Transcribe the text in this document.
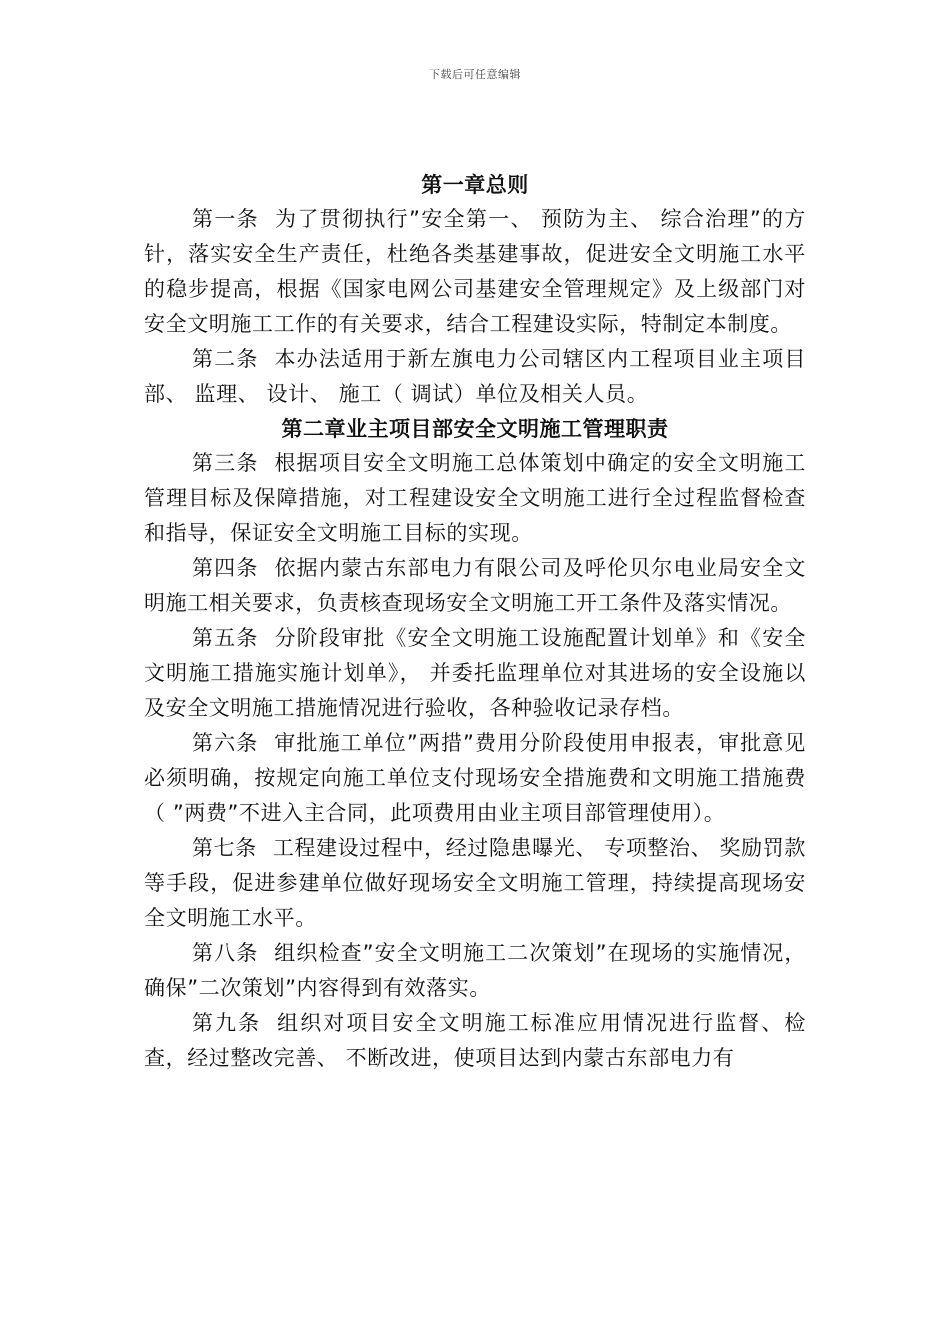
下载后可任意编辑
第一章总则

第一条 为了贯彻执行”安全第一、 预防为主、 综合治理”的方针，落实安全生产责任，杜绝各类基建事故，促进安全文明施工水平的稳步提高，根据《国家电网公司基建安全管理规定》及上级部门对安全文明施工工作的有关要求，结合工程建设实际，特制定本制度。

第二条 本办法适用于新左旗电力公司辖区内工程项目业主项目部、 监理、 设计、 施工（ 调试）单位及相关人员。

第二章业主项目部安全文明施工管理职责

第三条 根据项目安全文明施工总体策划中确定的安全文明施工管理目标及保障措施，对工程建设安全文明施工进行全过程监督检查和指导，保证安全文明施工目标的实现。

第四条 依据内蒙古东部电力有限公司及呼伦贝尔电业局安全文明施工相关要求，负责核查现场安全文明施工开工条件及落实情况。

第五条 分阶段审批《安全文明施工设施配置计划单》和《安全文明施工措施实施计划单》， 并委托监理单位对其进场的安全设施以及安全文明施工措施情况进行验收，各种验收记录存档。

第六条 审批施工单位”两措”费用分阶段使用申报表，审批意见必须明确，按规定向施工单位支付现场安全措施费和文明施工措施费（ ”两费”不进入主合同，此项费用由业主项目部管理使用）。

第七条 工程建设过程中，经过隐患曝光、 专项整治、 奖励罚款等手段，促进参建单位做好现场安全文明施工管理，持续提高现场安全文明施工水平。

第八条 组织检查”安全文明施工二次策划”在现场的实施情况，确保”二次策划”内容得到有效落实。

第九条 组织对项目安全文明施工标准应用情况进行监督、检查，经过整改完善、 不断改进，使项目达到内蒙古东部电力有
